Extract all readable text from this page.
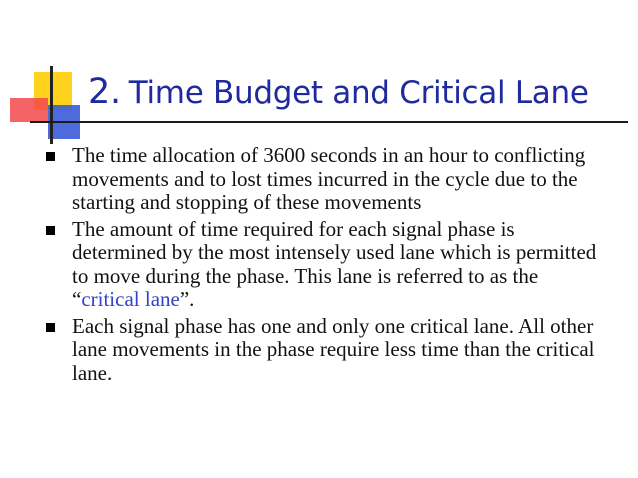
2. Time Budget and Critical Lane
The time allocation of 3600 seconds in an hour to conflicting movements and to lost times incurred in the cycle due to the starting and stopping of these movements
The amount of time required for each signal phase is determined by the most intensely used lane which is permitted to move during the phase. This lane is referred to as the “critical lane”.
Each signal phase has one and only one critical lane. All other lane movements in the phase require less time than the critical lane.
